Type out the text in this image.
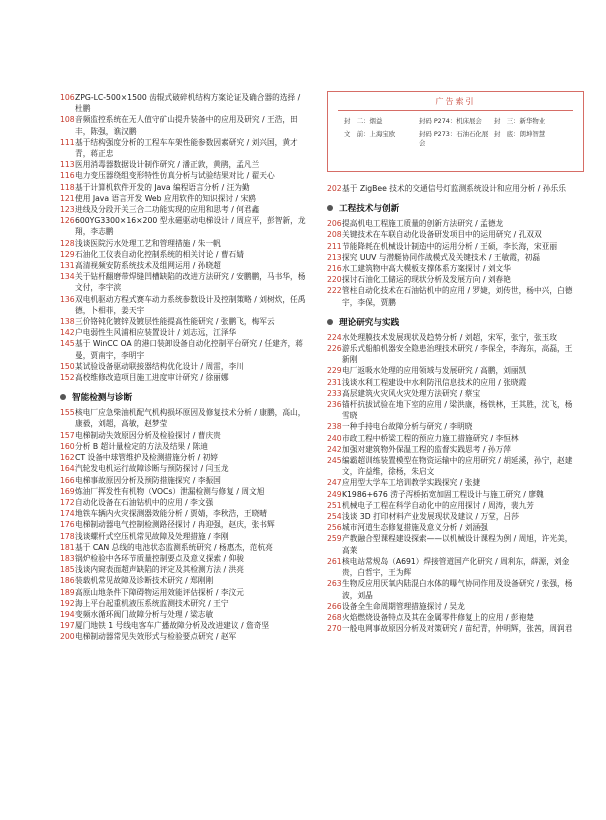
106 ZPG-LC-500×1500 齿辊式破碎机结构方案论证及确合器的选择 / 杜鹏
108 音频监控系统在无人值守矿山提升装备中的应用及研究 / 王浩，田丰，陈强，谯汉鹏
111 基于结构强度分析的工程车车架性能参数因素研究 / 刘兴国，黄才青，蒋正忠
113 医用消毒器数据设计制作研究 / 潘正敦，黄鹃，孟凡兰
116 电力变压器绕组变形特性仿真分析与试验结果对比 / 翟天心
118 基于计算机软件开发的 Java 编程语言分析 / 汪为勤
121 使用 Java 语言开发 Web 应用软件的知识探讨 / 宋鸥
123 进线及分段开关三合二功能实现的应用和思考 / 何君鑫
126 600YG3300×16×200 型永磁驱动电梯设计 / 周应平，彭智新，龙翔，李志鹏
128 浅谈医院污水处理工艺和管理措施 / 朱一帆
129 石油化工仪表自动化控制系统的相关讨论 / 曹石婧
131 高清视频安防系统技术及组网运用 / 孙晓超
134 关于钻杆翻磨带焊缝凹槽缺陷的改进方法研究 / 安鹏鹏，马书华，杨文付，李宇滨
136 双电机驱动方程式赛车动力系统参数设计及控制策略 / 刘树炊，任禹德，卜相菲，姜天宇
138 三价铬钝化镀锌及镀层性能提高性能研究 / 张鹏飞，梅军云
142 户电弱性生风浦相应装置设计 / 刘志远，江泽华
145 基于 WinCC OA 的港口装卸设备自动化控制平台研究 / 任建齐，蒋曼，贾南宇，李明宇
150 某试验设备驱动联接器结构优化设计 / 周雷，李川
152 高校维修改造项目施工进度审计研究 / 徐丽娜
智能检测与诊断
155 核电厂应急柴油机配气机构损坏原因及修复技术分析 / 康鹏，高山，康毅，刘超，高敏，赵梦莹
157 电梯制动失效原因分析及检验探讨 / 曹庆贵
160 分析 B 超计量检定的方法及结果 / 陈迪
162 CT 设备中球管维护及检测措施分析 / 初婷
164 汽轮发电机运行故障诊断与预防探讨 / 闫玉龙
166 电梯事故原因分析及预防措施探究 / 李振国
169 炼油厂挥发性有机物（VOCs）泄漏检测与修复 / 周文旭
172 自动化设备在石油钻机中的应用 / 李文强
174 地铁车辆内火灾探测器效能分析 / 贾婧，李秋浩，王晓晴
176 电梯制动器电气控制检测路径探讨 / 冉迎强，赵庆，张书辉
178 浅谈螺杆式空压机常见故障及处理措施 / 李刚
181 基于 CAN 总线的电池状态监测系统研究 / 杨惠杰，范杭亮
183 锅炉检验中各环节质量控制要点及意义探索 / 仰骏
185 浅谈内窥表面超声缺陷的评定及其检测方法 / 洪亮
186 装载机常见故障及诊断技术研究 / 郑刚刚
189 高原山地条件下障碍物运用效能评估探析 / 李汶元
192 海上平台起重机液压系统监测技术研究 / 王宁
194 变频水循环阀门故障分析与处理 / 梁志敏
197 厦门地铁 1 号线电客车广播故障分析及改进建议 / 詹奇坚
200 电梯制动器常见失效形式与检验要点研究 / 赵军
广告索引
封　二：烟益	封码 P274：机床展会	封　三：新华物业
文　前：上海宝欧	封码 P273：石油石化展会
封　底：朗坤智慧
202 基于 ZigBee 技术的交通信号灯监测系统设计和应用分析 / 孙乐乐
工程技术与创新
206 提高机电工程施工质量的创新方法研究 / 孟德龙
208 关键技术在车联自动化设备研发项目中的运用研究 / 孔双双
211 节能降耗在机械设计制造中的运用分析 / 王硕，李长海，宋亚丽
213 探究 UUV 与潜艇协同作战模式及关键技术 / 王敏霞，初磊
216 水工建筑物中高大模板支撑体系方案探讨 / 刘文华
220 探讨石油化工储运的现状分析及发展方向 / 刘春艳
222 管柱自动化技术在石油钻机中的应用 / 罗婕，刘传世，杨中兴，白德宇，李保，贾鹏
理论研究与实践
224 水处理膜技术发展现状及趋势分析 / 刘超，宋军，张宁，张玉玫
226 游乐式船舶机器安全隐患治理技术研究 / 李保全，李海东，高磊，王新刚
229 电厂返吸水处理的应用领域与发展研究 / 高鹏，刘丽凯
231 浅谈水利工程建设中水利防汛信息技术的应用 / 张晓霞
233 高层建筑火灾风火灾处理方法研究 / 蔡宝
236 锚杆抗拔试验在地下室的应用 / 梁洪康，杨铁林，王其胜，沈飞，杨雪晓
238 一种手持电台故障分析与研究 / 李明晓
240 市政工程中桥梁工程的预应力施工措施研究 / 李恒林
242 加强对建筑物外保温工程的监督实践思考 / 孙万萍
245 编霸超训练装置模型在物资运输中的应用研究 / 胡延溪，孙宁，赵建文，许益维，徐杨，朱启文
247 应用型大学车工培训教学实践探究 / 张捷
249 K1986+676 涝子泻桥拓宽加固工程设计与施工研究 / 廖魏
251 机械电子工程在科学自动化中的应用探讨 / 周涛，裴九芳
254 浅谈 3D 打印材料产业发展现状及建议 / 万堂，吕莎
256 城市河道生态修复措施及意义分析 / 刘涵强
259 产教融合型课程建设探索——以机械设计课程为例 / 周旭，许光美，高莱
261 核电站常规岛（A691）焊接管道国产化研究 / 周利东，薛源，刘金贵，白哲宇，王为辉
263 生物反应用厌氧内陆混白水体的曝气协同作用及设备研究 / 张强，杨波，刘晶
266 设备全生命周期管理措施探讨 / 吴龙
268 火焰燃烧设备特点及其在金属零件修复上的应用 / 彭袍楚
270 一般电网事故原因分析及对策研究 / 苗纪青，仲明辉，张茜，周润君
